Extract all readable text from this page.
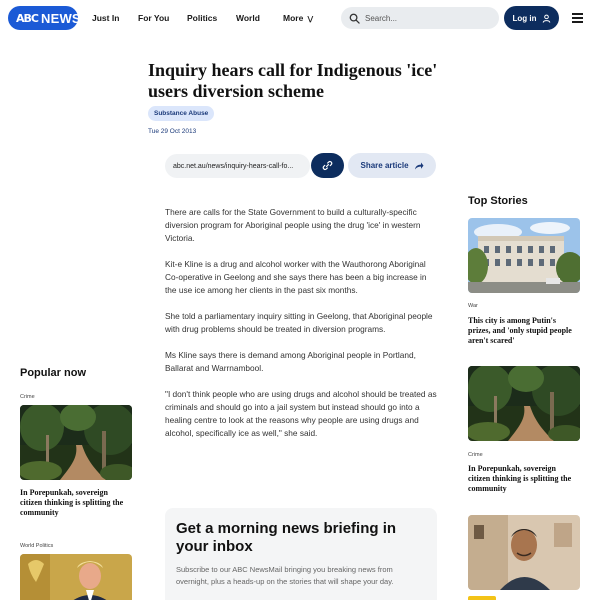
ABC NEWS Just In For You Politics World	More ⋁	Search...	Log in
Inquiry hears call for Indigenous 'ice' users diversion scheme
Substance Abuse
Tue 29 Oct 2013
abc.net.au/news/inquiry-hears-call-fo...	Share article

There are calls for the State Government to build a culturally-specific diversion program for Aboriginal people using the drug 'ice' in western Victoria.

Kit-e Kline is a drug and alcohol worker with the Wauthorong Aboriginal Co-operative in Geelong and she says there has been a big increase in the use ice among her clients in the past six months.

She told a parliamentary inquiry sitting in Geelong, that Aboriginal people with drug problems should be treated in diversion programs.

Ms Kline says there is demand among Aboriginal people in Portland, Ballarat and Warrnambool.

"I don't think people who are using drugs and alcohol should be treated as criminals and should go into a jail system but instead should go into a healing centre to look at the reasons why people are using drugs and alcohol, specifically ice as well," she said.

Get a morning news briefing in your inbox

Subscribe to our ABC NewsMail bringing you breaking news from overnight, plus a heads-up on the stories that will shape your day.

Popular now
Crime
In Porepunkah, sovereign citizen thinking is splitting the community
World Politics
Top Stories
War
This city is among Putin's prizes, and 'only stupid people aren't scared'
Crime
In Porepunkah, sovereign citizen thinking is splitting the community
